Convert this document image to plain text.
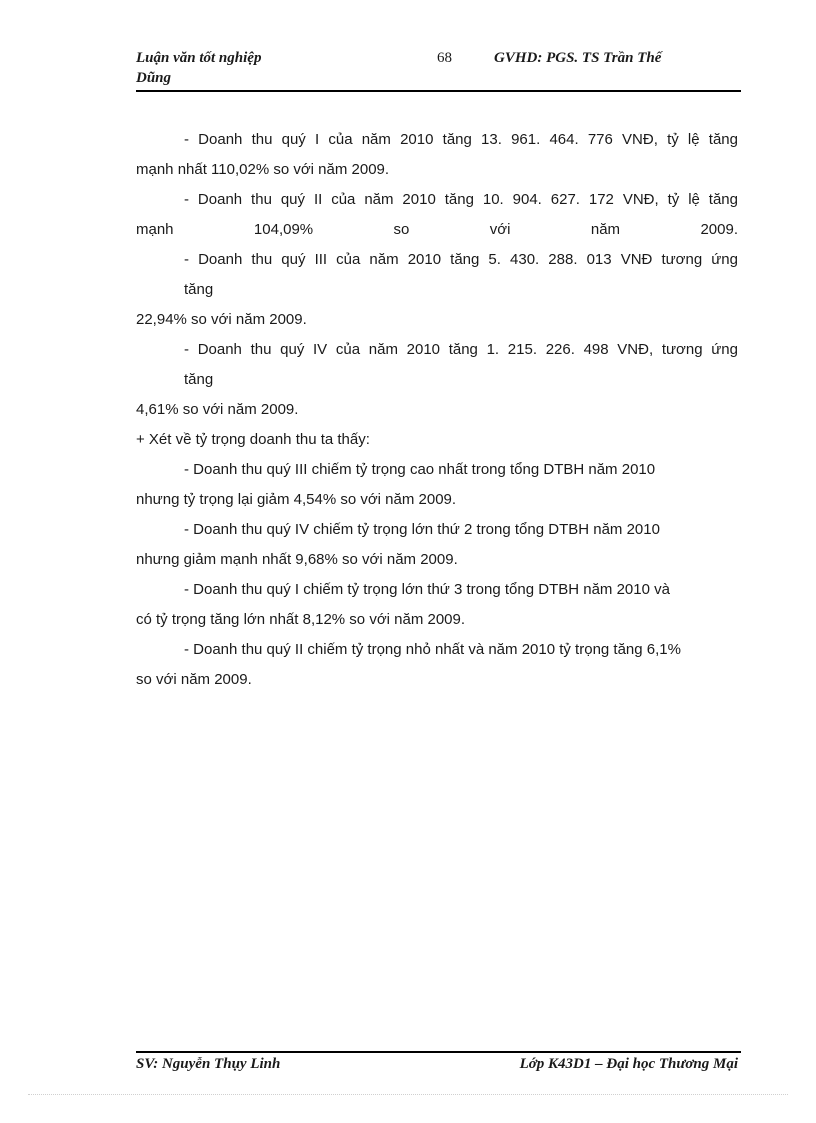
Luận văn tốt nghiệp	68	GVHD: PGS. TS Trần Thế
Dũng
- Doanh thu quý I của năm 2010 tăng 13. 961. 464. 776 VNĐ, tỷ lệ tăng
mạnh nhất 110,02% so với năm 2009.
- Doanh thu quý II của năm 2010 tăng 10. 904. 627. 172 VNĐ, tỷ lệ tăng
mạnh 104,09% so với năm 2009.
- Doanh thu quý III của năm 2010 tăng 5. 430. 288. 013 VNĐ tương ứng
tăng
22,94% so với năm 2009.
- Doanh thu quý IV của năm 2010 tăng 1. 215. 226. 498 VNĐ, tương ứng
tăng
4,61% so với năm 2009.
+ Xét về tỷ trọng doanh thu ta thấy:
- Doanh thu quý III chiếm tỷ trọng cao nhất trong tổng DTBH năm 2010
nhưng tỷ trọng lại giảm 4,54% so với năm 2009.
- Doanh thu quý IV chiếm tỷ trọng lớn thứ 2 trong tổng DTBH năm 2010
nhưng giảm mạnh nhất 9,68% so với năm 2009.
- Doanh thu quý I chiếm tỷ trọng lớn thứ 3 trong tổng DTBH năm 2010 và
có tỷ trọng tăng lớn nhất 8,12% so với năm 2009.
- Doanh thu quý II chiếm tỷ trọng nhỏ nhất và năm 2010 tỷ trọng tăng 6,1%
so với năm 2009.
SV: Nguyễn Thụy Linh	Lớp K43D1 – Đại học Thương Mại
